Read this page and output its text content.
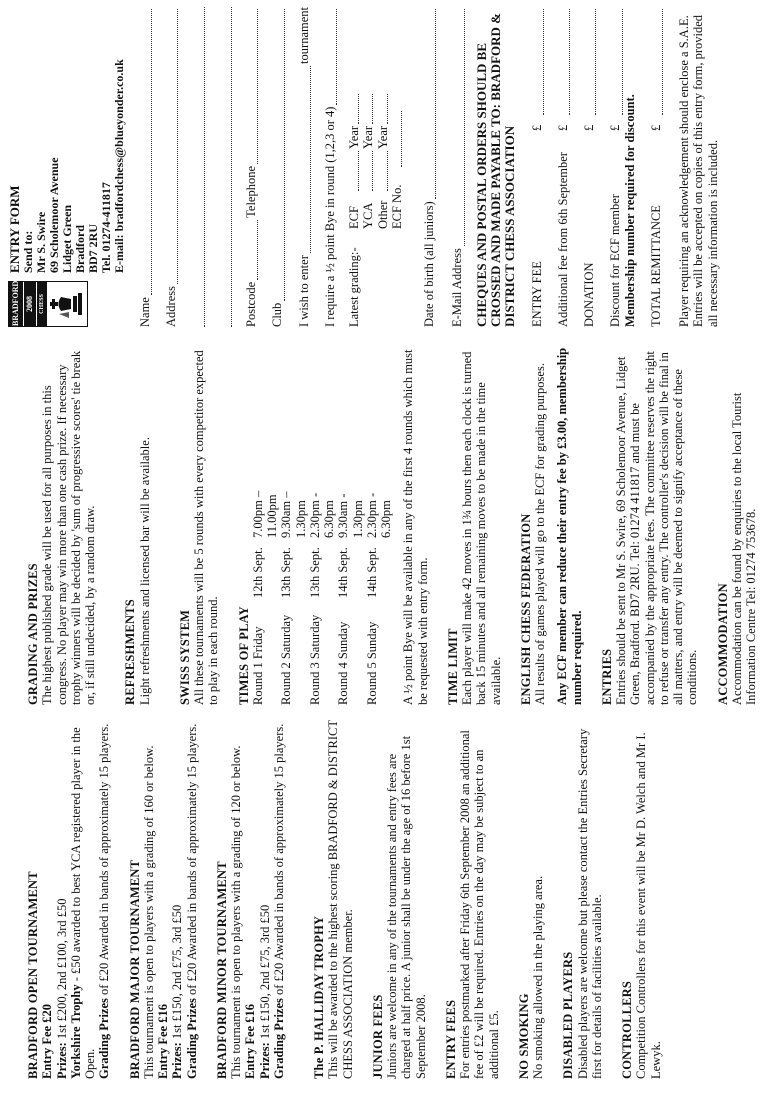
BRADFORD OPEN TOURNAMENT Entry Fee £20 Prizes: 1st £200, 2nd £100, 3rd £50 Yorkshire Trophy - £50 awarded to best YCA registered player in the Open. Grading Prizes of £20 Awarded in bands of approximately 15 players. BRADFORD MAJOR TOURNAMENT This tournament is open to players with a grading of 160 or below. Entry Fee £16 Prizes: 1st £150, 2nd £75, 3rd £50 Grading Prizes of £20 Awarded in bands of approximately 15 players. BRADFORD MINOR TOURNAMENT This tournament is open to players with a grading of 120 or below. Entry Fee £16 Prizes: 1st £150, 2nd £75, 3rd £50 Grading Prizes of £20 Awarded in bands of approximately 15 players. The P. HALLIDAY TROPHY This will be awarded to the highest scoring BRADFORD & DISTRICT CHESS ASSOCIATION member. JUNIOR FEES Juniors are welcome in any of the tournaments and entry fees are charged at half price. A junior shall be under the age of 16 before 1st September 2008. ENTRY FEES For entries postmarked after Friday 6th September 2008 an additional fee of £2 will be required. Entries on the day may be subject to an additional £5. NO SMOKING No smoking allowed in the playing area. DISABLED PLAYERS Disabled players are welcome but please contact the Entries Secretary first for details of facilities available. CONTROLLERS Competition Controllers for this event will be Mr D. Welch and Mr I. Lewyk.

GRADING AND PRIZES The highest published grade will be used for all purposes in this congress. No player may win more than one cash prize. If necessary trophy winners will be decided by 'sum of progressive scores' tie break or, if still undecided, by a random draw. REFRESHMENTS Light refreshments and licensed bar will be available. SWISS SYSTEM All these tournaments will be 5 rounds with every competitor expected to play in each round. TIMES OF PLAY Round 1 Friday
12th Sept.
7.00pm – 11.00pm
Round 2 Saturday
13th Sept.
9.30am – 1.30pm
Round 3 Saturday
13th Sept.
2.30pm - 6.30pm
Round 4 Sunday
14th Sept.
9.30am - 1.30pm
Round 5 Sunday
14th Sept.
2.30pm - 6.30pm A ½ point Bye will be available in any of the first 4 rounds which must be requested with entry form. TIME LIMIT Each player will make 42 moves in 1¾ hours then each clock is turned back 15 minutes and all remaining moves to be made in the time available. ENGLISH CHESS FEDERATION All results of games played will go to the ECF for grading purposes. Any ECF member can reduce their entry fee by £3.00, membership number required. ENTRIES Entries should be sent to Mr S. Swire, 69 Scholemoor Avenue, Lidget Green, Bradford. BD7 2RU. Tel: 01274 411817 and must be accompanied by the appropriate fees. The committee reserves the right to refuse or transfer any entry. The controller's decision will be final in all matters, and entry will be deemed to signify acceptance of these conditions. ACCOMMODATION Accommodation can be found by enquiries to the local Tourist Information Centre Tel: 01274 753678.

BRADFORD 2008 CHESS
ENTRY FORM Send to:
Mr S. Swire
69 Scholemoor Avenue
Lidget Green
Bradford
BD7 2RU
Tel. 01274-411817
E-mail: bradfordchess@blueyonder.co.uk
Name Address	Postcode
Telephone
Club I wish to enter
tournament
I require a ½ point Bye in round (1,2,3 or 4) Latest grading:-
ECF
Year
YCA
Year
Other
Year
ECF No. Date of birth (all juniors) E-Mail Address CHEQUES AND POSTAL ORDERS SHOULD BE CROSSED AND MADE PAYABLE TO: BRADFORD & DISTRICT CHESS ASSOCIATION ENTRY FEE
£
Additional fee from 6th September
£
DONATION
£
Discount for ECF member
£ Membership number required for discount. TOTAL REMITTANCE
£ Player requiring an acknowledgement should enclose a S.A.E. Entries will be accepted on copies of this entry form, provided all necessary information is included.
